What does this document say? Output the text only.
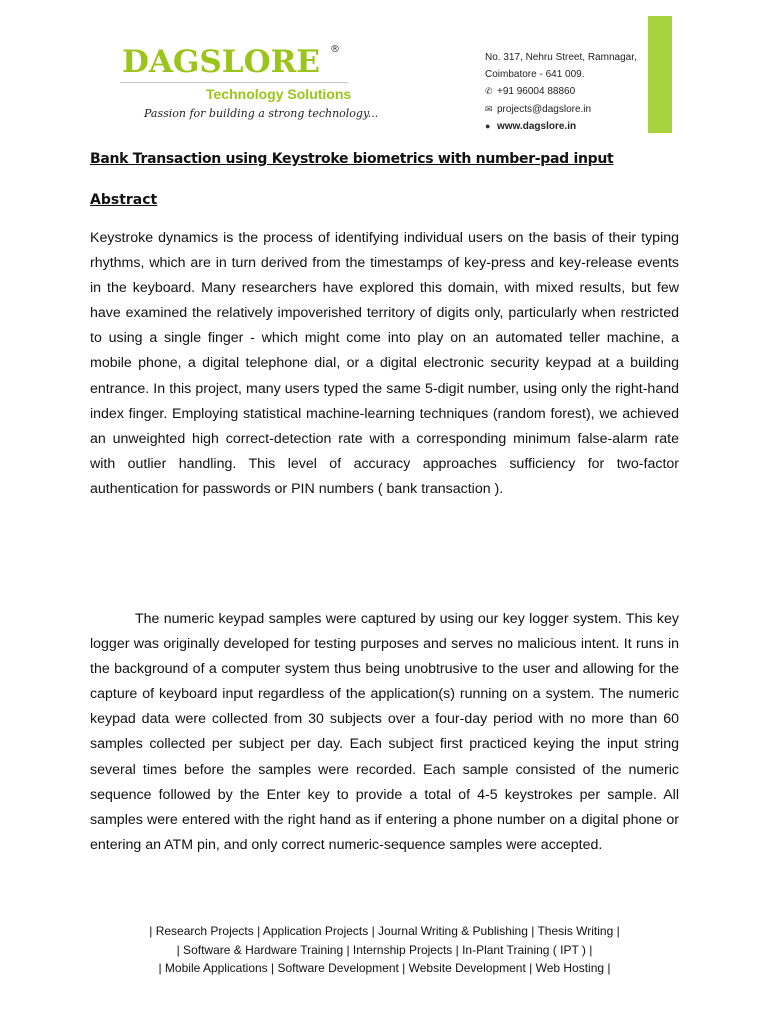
DAGSLORE ®
Technology Solutions
Passion for building a strong technology...
No. 317, Nehru Street, Ramnagar,
Coimbatore - 641 009.
✆ +91 96004 88860
✉ projects@dagslore.in
● www.dagslore.in
Bank Transaction using Keystroke biometrics with number-pad input
Abstract
Keystroke dynamics is the process of identifying individual users on the basis of their typing rhythms, which are in turn derived from the timestamps of key-press and key-release events in the keyboard. Many researchers have explored this domain, with mixed results, but few have examined the relatively impoverished territory of digits only, particularly when restricted to using a single finger - which might come into play on an automated teller machine, a mobile phone, a digital telephone dial, or a digital electronic security keypad at a building entrance. In this project, many users typed the same 5-digit number, using only the right-hand index finger. Employing statistical machine-learning techniques (random forest), we achieved an unweighted high correct-detection rate with a corresponding minimum false-alarm rate with outlier handling. This level of accuracy approaches sufficiency for two-factor authentication for passwords or PIN numbers ( bank transaction ).
The numeric keypad samples were captured by using our key logger system. This key logger was originally developed for testing purposes and serves no malicious intent. It runs in the background of a computer system thus being unobtrusive to the user and allowing for the capture of keyboard input regardless of the application(s) running on a system. The numeric keypad data were collected from 30 subjects over a four-day period with no more than 60 samples collected per subject per day. Each subject first practiced keying the input string several times before the samples were recorded. Each sample consisted of the numeric sequence followed by the Enter key to provide a total of 4-5 keystrokes per sample. All samples were entered with the right hand as if entering a phone number on a digital phone or entering an ATM pin, and only correct numeric-sequence samples were accepted.
| Research Projects | Application Projects | Journal Writing & Publishing | Thesis Writing |
| Software & Hardware Training | Internship Projects | In-Plant Training ( IPT ) |
| Mobile Applications | Software Development | Website Development | Web Hosting |
